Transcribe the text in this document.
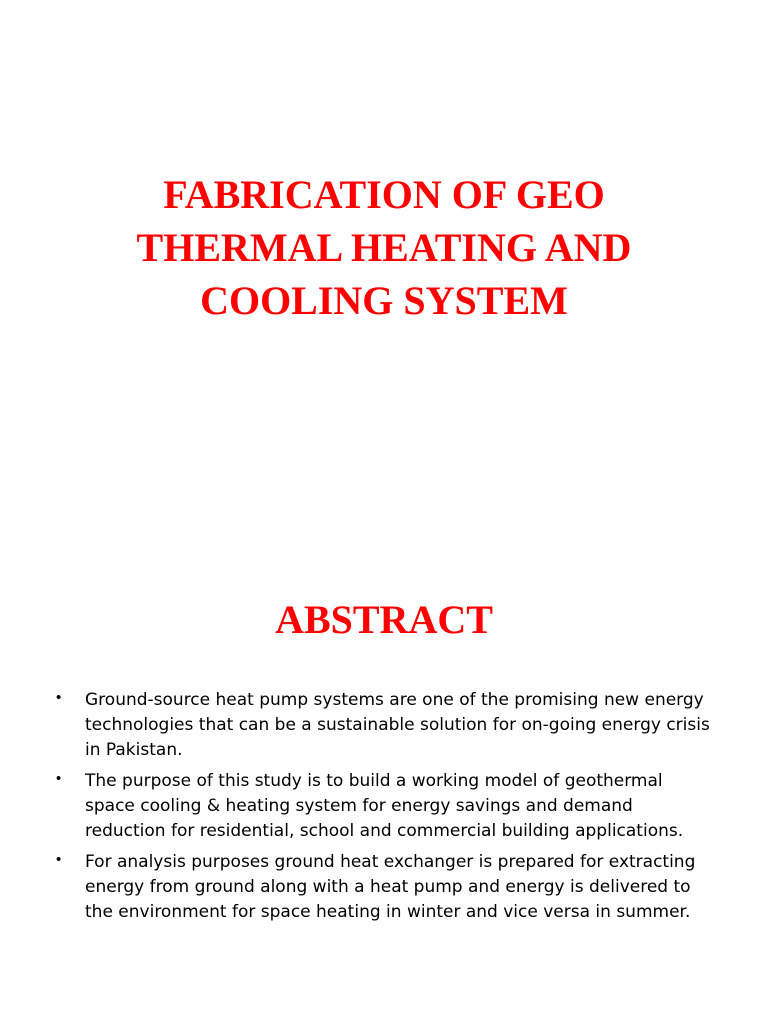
FABRICATION OF GEO
THERMAL HEATING AND
COOLING SYSTEM
ABSTRACT
• Ground-source heat pump systems are one of the promising new energy
technologies that can be a sustainable solution for on-going energy crisis
in Pakistan.
• The purpose of this study is to build a working model of geothermal
space cooling & heating system for energy savings and demand
reduction for residential, school and commercial building applications.
• For analysis purposes ground heat exchanger is prepared for extracting
energy from ground along with a heat pump and energy is delivered to
the environment for space heating in winter and vice versa in summer.
